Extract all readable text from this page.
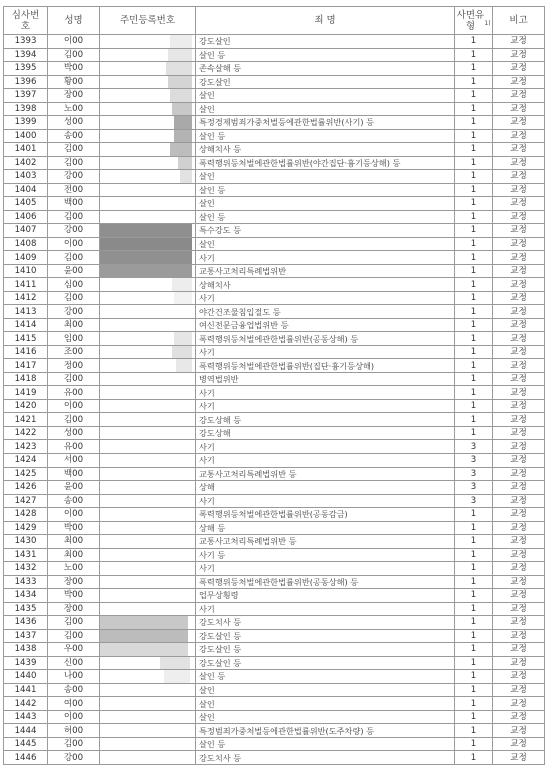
심사번호	성명	주민등록번호	죄 명	사면유형 $^{1)}$	비고
1393	이00		강도살인	1	교정
1394	김00		살인 등	1	교정
1395	박00		존속살해 등	1	교정
1396	황00		강도살인	1	교정
1397	장00		살인	1	교정
1398	노00		살인	1	교정
1399	성00		특정경제범죄가중처벌등에관한법률위반(사기) 등	1	교정
1400	송00		살인 등	1	교정
1401	김00		상해치사 등	1	교정
1402	김00		폭력행위등처벌에관한법률위반(야간집단·흉기등상해) 등	1	교정
1403	강00		살인	1	교정
1404	전00		살인 등	1	교정
1405	백00		살인	1	교정
1406	김00		살인 등	1	교정
1407	강00		특수강도 등	1	교정
1408	이00		살인	1	교정
1409	김00		사기	1	교정
1410	윤00		교통사고처리특례법위반	1	교정
1411	심00		상해치사	1	교정
1412	김00		사기	1	교정
1413	강00		야간건조물침입절도 등	1	교정
1414	최00		여신전문금융업법위반 등	1	교정
1415	임00		폭력행위등처벌에관한법률위반(공동상해) 등	1	교정
1416	조00		사기	1	교정
1417	정00		폭력행위등처벌에관한법률위반(집단·흉기등상해)	1	교정
1418	김00		병역법위반	1	교정
1419	유00		사기	1	교정
1420	이00		사기	1	교정
1421	김00		강도상해 등	1	교정
1422	성00		강도상해	1	교정
1423	유00		사기	3	교정
1424	서00		사기	3	교정
1425	백00		교통사고처리특례법위반 등	3	교정
1426	윤00		상해	3	교정
1427	송00		사기	3	교정
1428	이00		폭력행위등처벌에관한법률위반(공동감금)	1	교정
1429	박00		상해 등	1	교정
1430	최00		교통사고처리특례법위반 등	1	교정
1431	최00		사기 등	1	교정
1432	노00		사기	1	교정
1433	장00		폭력행위등처벌에관한법률위반(공동상해) 등	1	교정
1434	박00		업무상횡령	1	교정
1435	장00		사기	1	교정
1436	김00		강도치사 등	1	교정
1437	김00		강도살인 등	1	교정
1438	우00		강도살인 등	1	교정
1439	신00		강도살인 등	1	교정
1440	나00		살인 등	1	교정
1441	송00		살인	1	교정
1442	여00		살인	1	교정
1443	이00		살인	1	교정
1444	허00		특정범죄가중처벌등에관한법률위반(도주차량) 등	1	교정
1445	김00		살인 등	1	교정
1446	강00		강도치사 등	1	교정
